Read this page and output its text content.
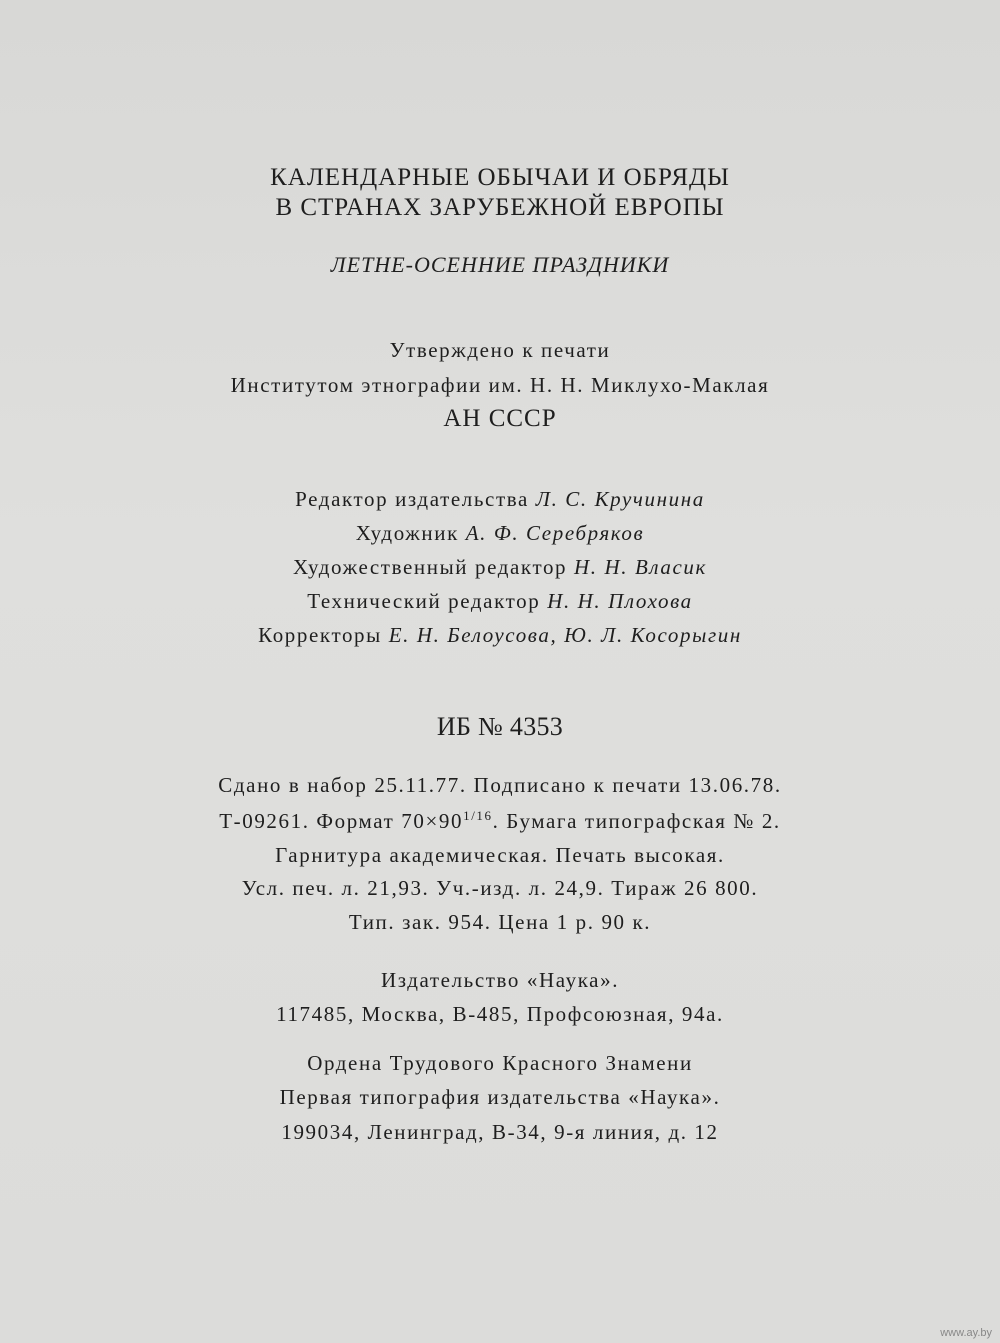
КАЛЕНДАРНЫЕ ОБЫЧАИ И ОБРЯДЫ
В СТРАНАХ ЗАРУБЕЖНОЙ ЕВРОПЫ
ЛЕТНЕ-ОСЕННИЕ ПРАЗДНИКИ
Утверждено к печати
Институтом этнографии им. Н. Н. Миклухо-Маклая
АН СССР
Редактор издательства Л. С. Кручинина
Художник А. Ф. Серебряков
Художественный редактор Н. Н. Власик
Технический редактор Н. Н. Плохова
Корректоры Е. Н. Белоусова, Ю. Л. Косорыгин
ИБ № 4353
Сдано в набор 25.11.77. Подписано к печати 13.06.78.
Т-09261. Формат $70\times 90^{1/16}$. Бумага типографская № 2.
Гарнитура академическая. Печать высокая.
Усл. печ. л. 21,93. Уч.-изд. л. 24,9. Тираж 26 800.
Тип. зак. 954. Цена 1 р. 90 к.
Издательство «Наука».
117485, Москва, В-485, Профсоюзная, 94а.
Ордена Трудового Красного Знамени
Первая типография издательства «Наука».
199034, Ленинград, В-34, 9-я линия, д. 12
www.ay.by
